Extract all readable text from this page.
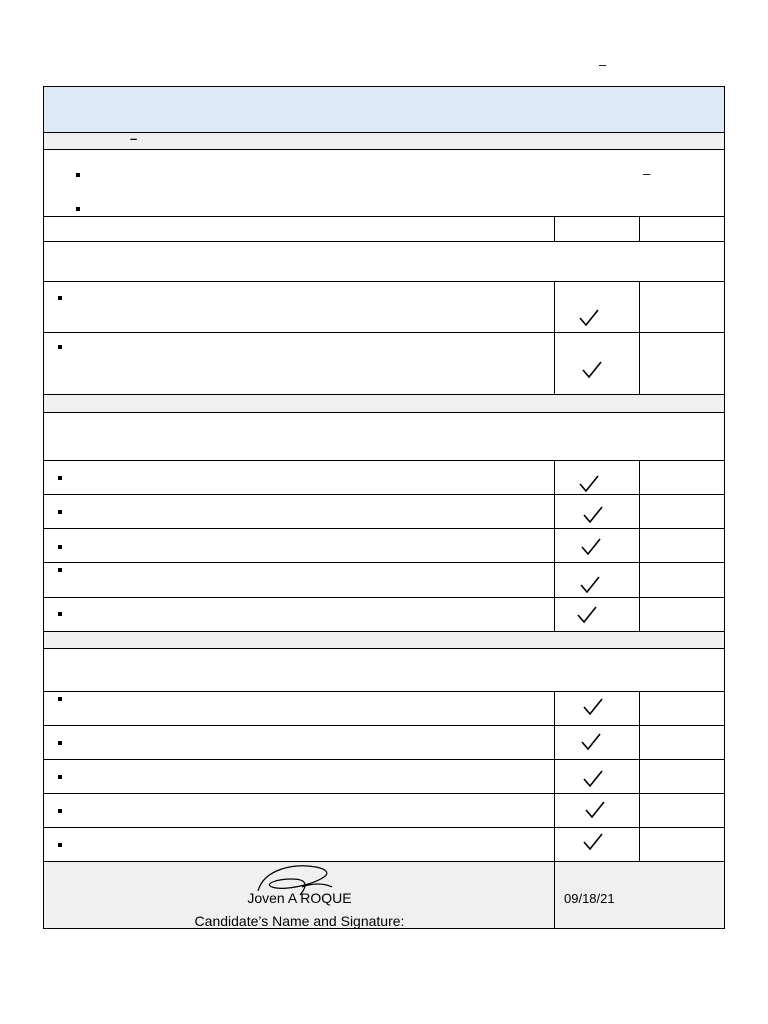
–
–
–
Joven A ROQUE
Candidate’s Name and Signature:
09/18/21
